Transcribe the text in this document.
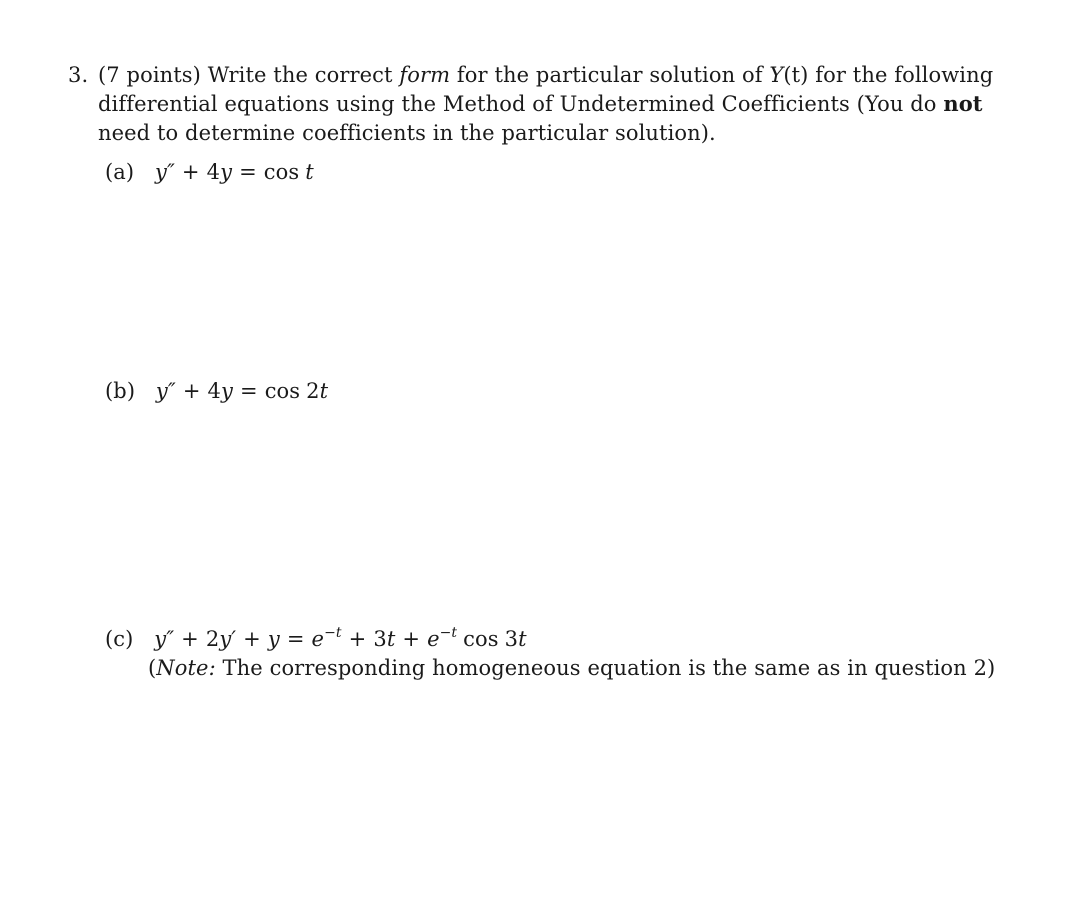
3. (7 points) Write the correct form for the particular solution of Y(t) for the following
differential equations using the Method of Undetermined Coefficients (You do not
need to determine coefficients in the particular solution).
(a) y″ + 4y = cos t
(b) y″ + 4y = cos 2t
(c) $y'' + 2y' + y = e^{-t} + 3t + e^{-t}$ cos 3t
(Note: The corresponding homogeneous equation is the same as in question 2)
